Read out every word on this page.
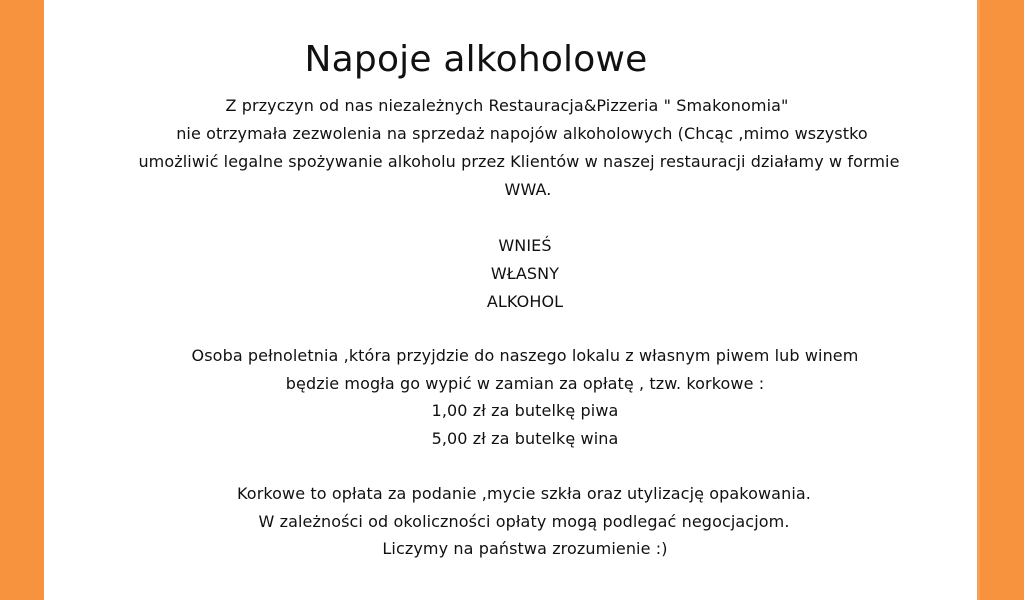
Napoje alkoholowe
Z przyczyn od nas niezależnych Restauracja&Pizzeria " Smakonomia"
nie otrzymała zezwolenia na sprzedaż napojów alkoholowych (Chcąc ,mimo wszystko
umożliwić legalne spożywanie alkoholu przez Klientów w naszej restauracji działamy w formie
WWA.
WNIEŚ
WŁASNY
ALKOHOL
Osoba pełnoletnia ,która przyjdzie do naszego lokalu z własnym piwem lub winem
będzie mogła go wypić w zamian za opłatę , tzw. korkowe :
1,00 zł za butelkę piwa
5,00 zł za butelkę wina
Korkowe to opłata za podanie ,mycie szkła oraz utylizację opakowania.
W zależności od okoliczności opłaty mogą podlegać negocjacjom.
Liczymy na państwa zrozumienie :)
